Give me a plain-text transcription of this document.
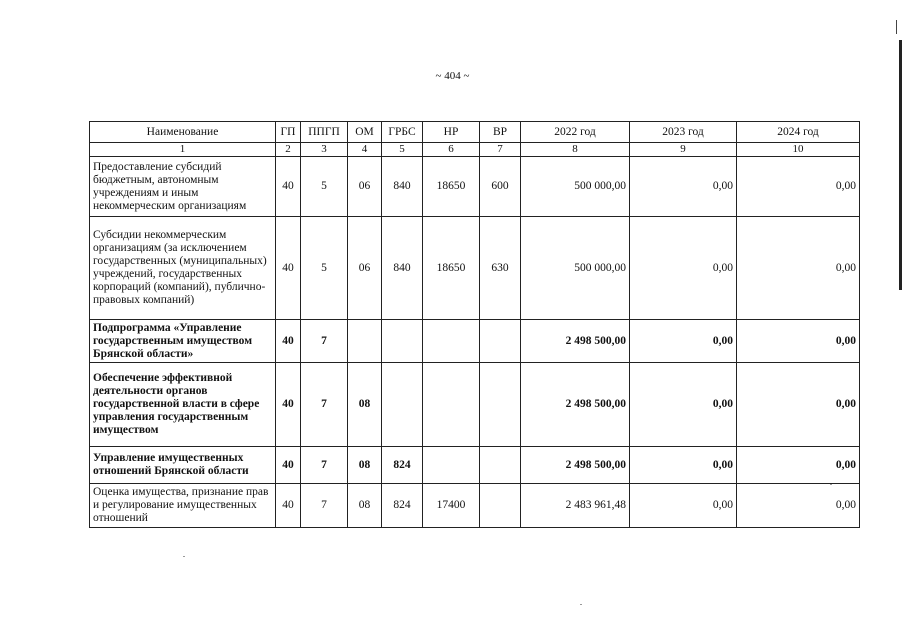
~ 404 ~
Наименование	ГП	ППГП	ОМ	ГРБС	НР	ВР	2022 год	2023 год	2024 год
1	2	3	4	5	6	7	8	9	10
Предоставление субсидий бюджетным, автономным учреждениям и иным некоммерческим организациям	40	5	06	840	18650	600	500 000,00	0,00	0,00
Субсидии некоммерческим организациям (за исключением государственных (муниципальных) учреждений, государственных корпораций (компаний), публично-правовых компаний)	40	5	06	840	18650	630	500 000,00	0,00	0,00
Подпрограмма «Управление государственным имуществом Брянской области»	40	7					2 498 500,00	0,00	0,00
Обеспечение эффективной деятельности органов государственной власти в сфере управления государственным имуществом	40	7	08				2 498 500,00	0,00	0,00
Управление имущественных отношений Брянской области	40	7	08	824			2 498 500,00	0,00	0,00
Оценка имущества, признание прав и регулирование имущественных отношений	40	7	08	824	17400		2 483 961,48	0,00	0,00
